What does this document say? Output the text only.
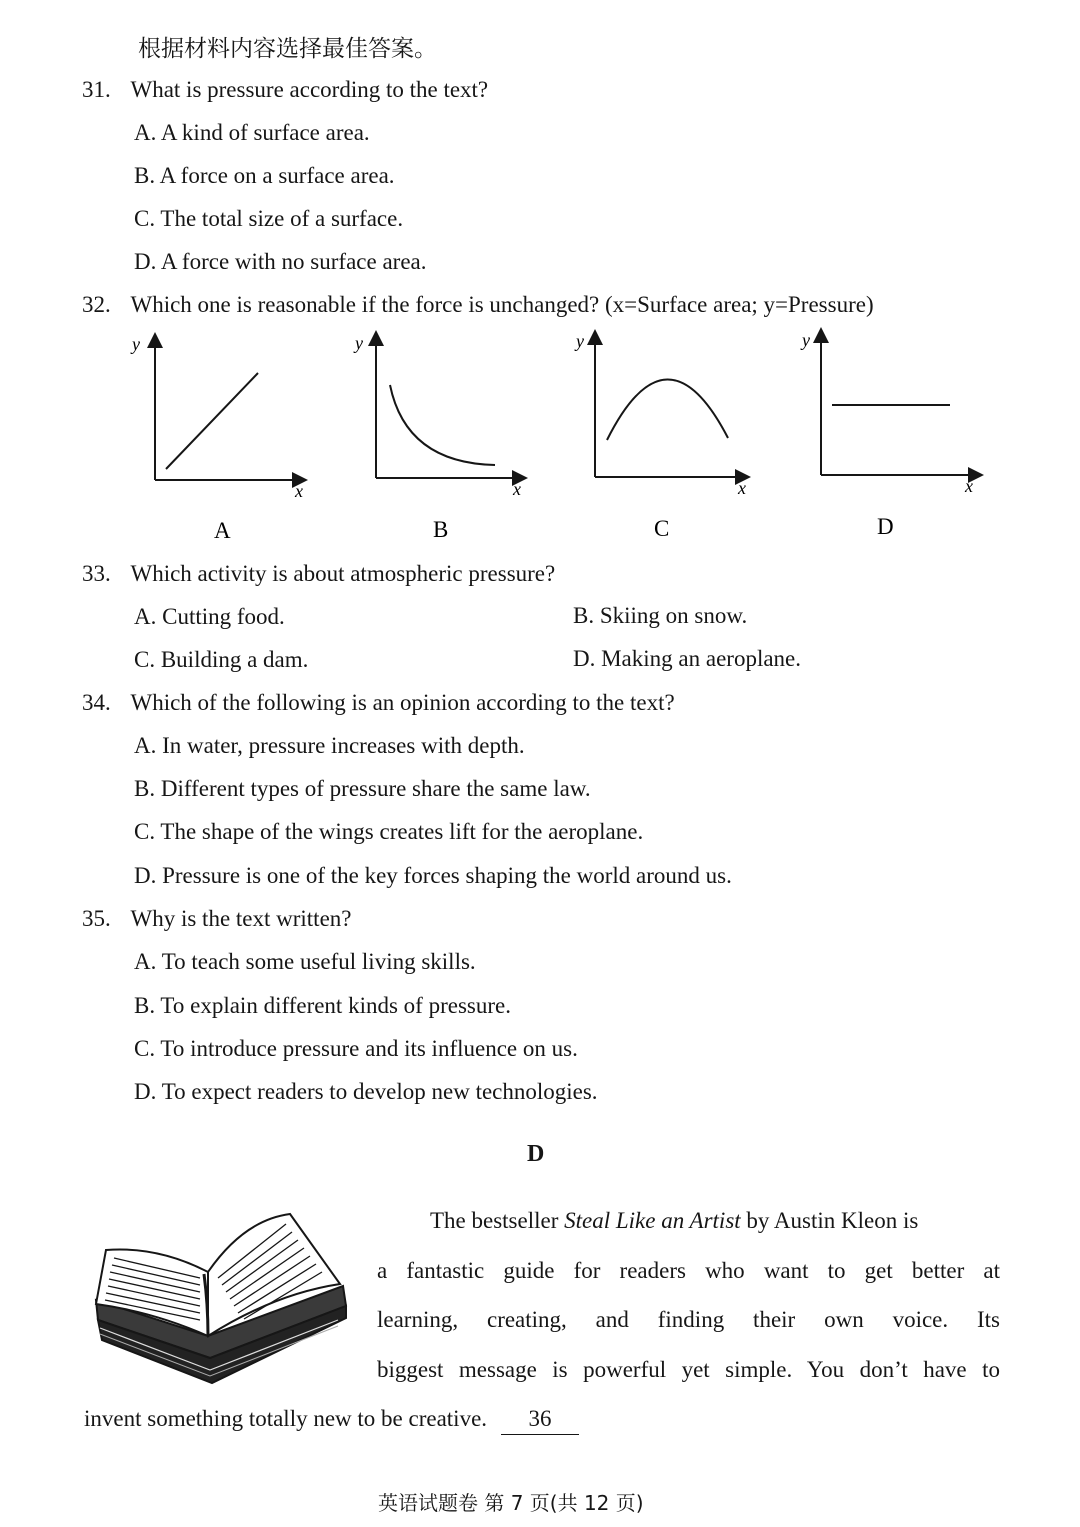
根据材料内容选择最佳答案。
31. What is pressure according to the text?
A. A kind of surface area.
B. A force on a surface area.
C. The total size of a surface.
D. A force with no surface area.
32. Which one is reasonable if the force is unchanged? (x=Surface area; y=Pressure)
y
x
A
y
x
B
y
x
C
y
x
D
33. Which activity is about atmospheric pressure?
A. Cutting food.	B. Skiing on snow.
C. Building a dam.	D. Making an aeroplane.
34. Which of the following is an opinion according to the text?
A. In water, pressure increases with depth.
B. Different types of pressure share the same law.
C. The shape of the wings creates lift for the aeroplane.
D. Pressure is one of the key forces shaping the world around us.
35. Why is the text written?
A. To teach some useful living skills.
B. To explain different kinds of pressure.
C. To introduce pressure and its influence on us.
D. To expect readers to develop new technologies.
D
The bestseller Steal Like an Artist by Austin Kleon is
a fantastic guide for readers who want to get better at
learning, creating, and finding their own voice. Its
biggest message is powerful yet simple. You don’t have to
invent something totally new to be creative. 36
英语试题卷 第 7 页(共 12 页)
